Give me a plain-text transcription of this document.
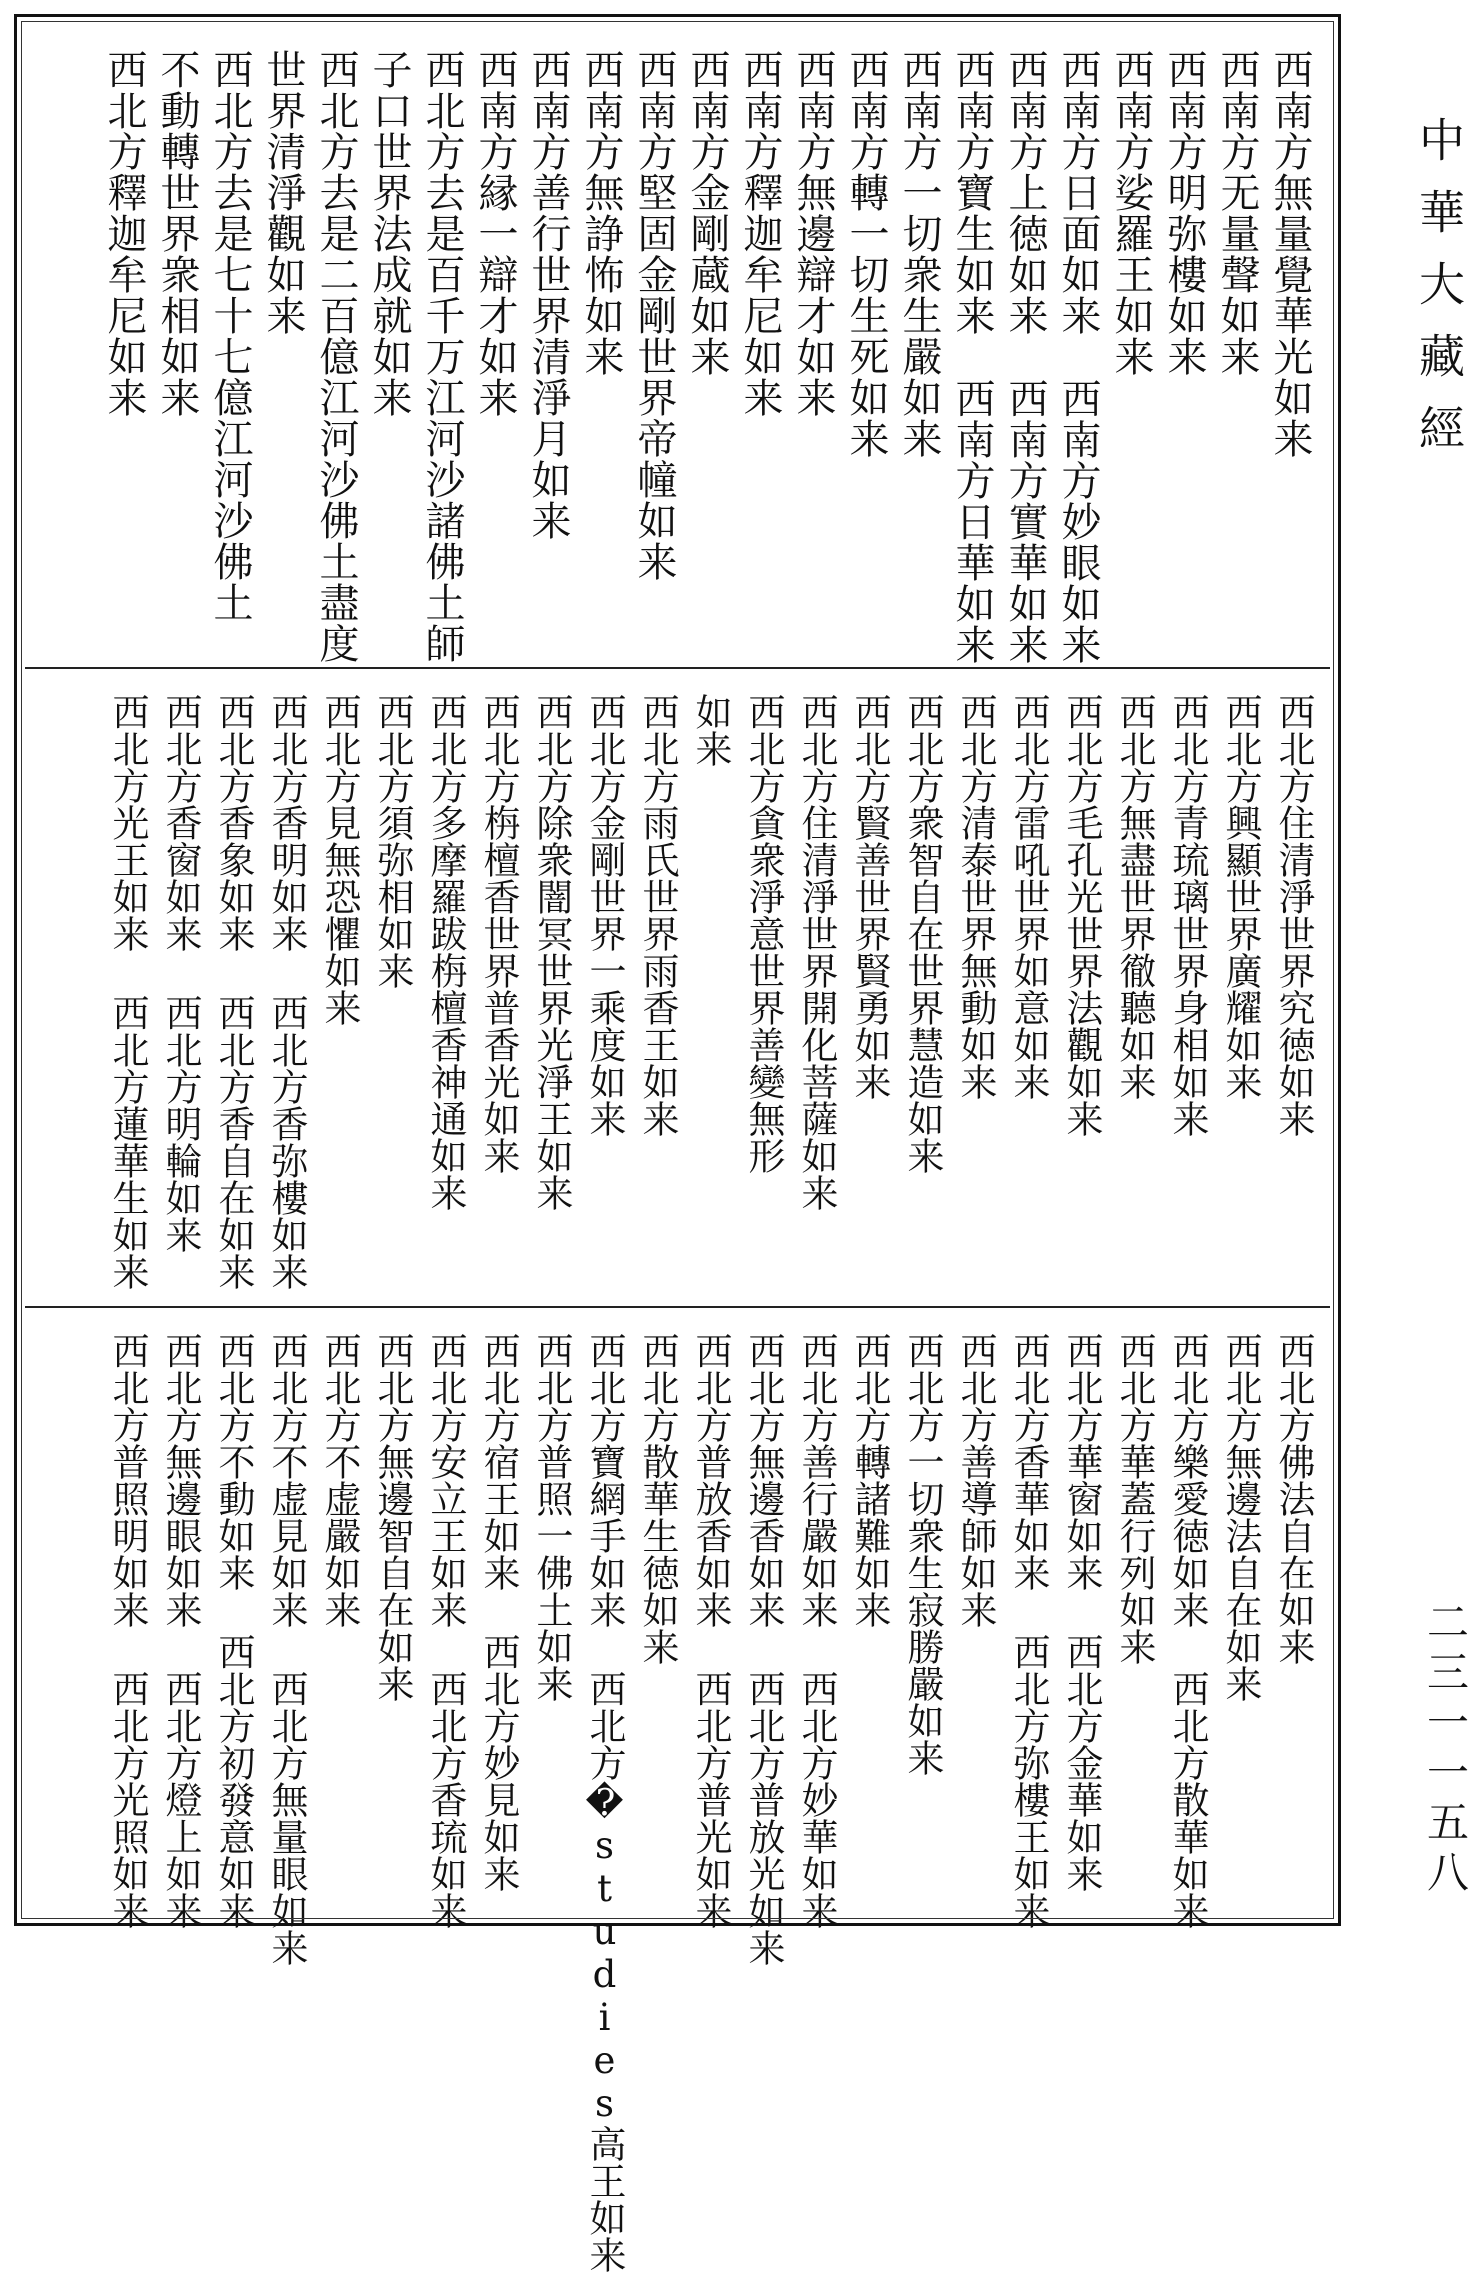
西南方無量覺華光如来
西南方无量聲如来
西南方明弥樓如来
西南方娑羅王如来
西南方日面如来西南方妙眼如来
西南方上徳如来西南方實華如来
西南方寶生如来西南方日華如来
西南方一切衆生嚴如来
西南方轉一切生死如来
西南方無邊辯才如来
西南方釋迦牟尼如来
西南方金剛蔵如来
西南方堅固金剛世界帝幢如来
西南方無諍怖如来
西南方善行世界清淨月如来
西南方縁一辯才如来
西北方去是百千万江河沙諸佛土師
子口世界法成就如来
西北方去是二百億江河沙佛土盡度
世界清淨觀如来
西北方去是七十七億江河沙佛土
不動轉世界衆相如来
西北方釋迦牟尼如来
西北方住清淨世界究徳如来
西北方興顯世界廣耀如来
西北方青琉璃世界身相如来
西北方無盡世界徹聽如来
西北方毛孔光世界法觀如来
西北方雷吼世界如意如来
西北方清泰世界無動如来
西北方衆智自在世界慧造如来
西北方賢善世界賢勇如来
西北方住清淨世界開化菩薩如来
西北方貪衆淨意世界善變無形
如来
西北方雨氏世界雨香王如来
西北方金剛世界一乘度如来
西北方除衆闇冥世界光淨王如来
西北方栴檀香世界普香光如来
西北方多摩羅跋栴檀香神通如来
西北方須弥相如来
西北方見無恐懼如来
西北方香明如来西北方香弥樓如来
西北方香象如来西北方香自在如来
西北方香窗如来西北方明輪如来
西北方光王如来西北方蓮華生如来
西北方佛法自在如来
西北方無邊法自在如来
西北方樂愛徳如来西北方散華如来
西北方華蓋行列如来
西北方華窗如来西北方金華如来
西北方香華如来西北方弥樓王如来
西北方善導師如来
西北方一切衆生寂勝嚴如来
西北方轉諸難如来
西北方善行嚴如来西北方妙華如来
西北方無邊香如来西北方普放光如来
西北方普放香如来西北方普光如来
西北方散華生徳如来
西北方寶網手如来西北方�studies高王如来
西北方普照一佛土如来
西北方宿王如来西北方妙見如来
西北方安立王如来西北方香琉如来
西北方無邊智自在如来
西北方不虚嚴如来
西北方不虚見如来西北方無量眼如来
西北方不動如来西北方初發意如来
西北方無邊眼如来西北方燈上如来
西北方普照明如来西北方光照如来
中華大藏經
二三一一五八
